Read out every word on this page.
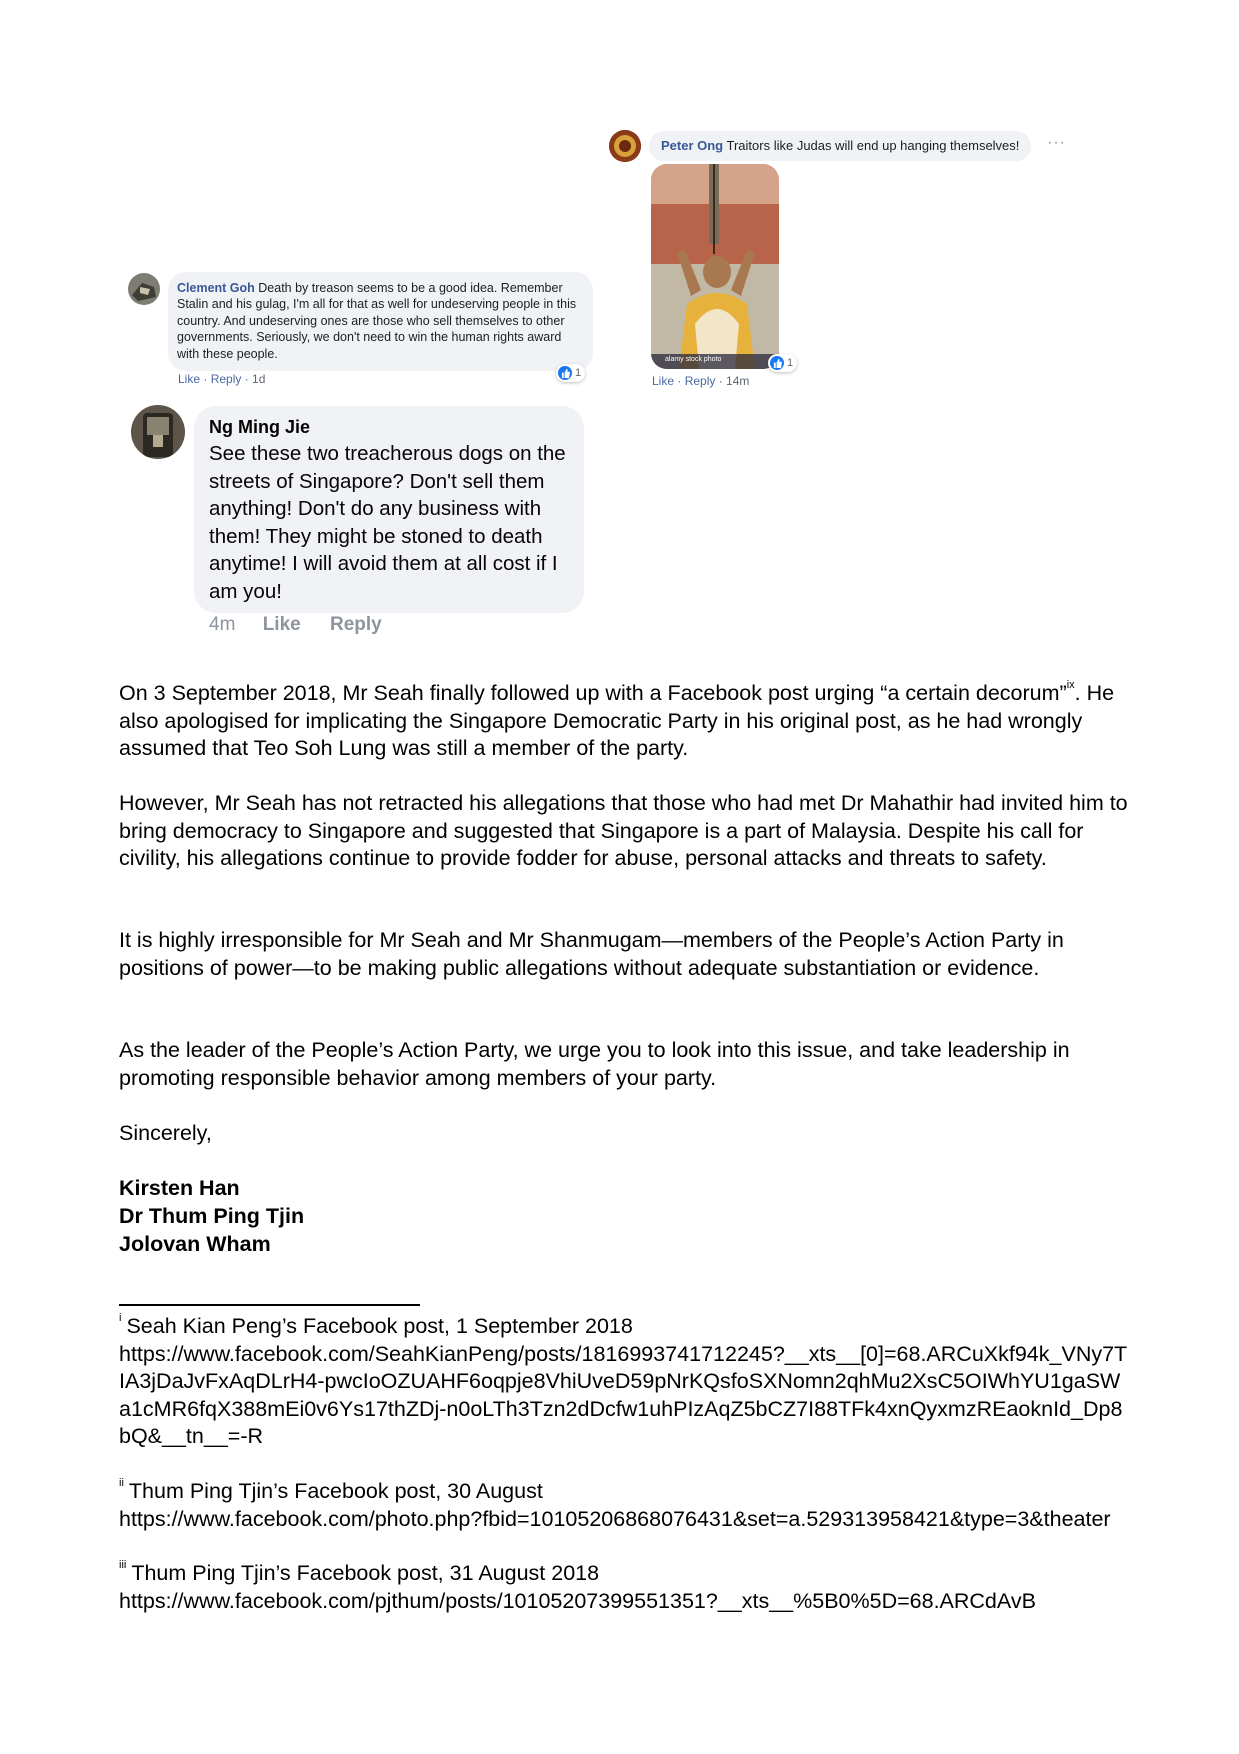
Peter Ong Traitors like Judas will end up hanging themselves!	···
alamy stock photo	1
Like · Reply · 14m
Clement Goh Death by treason seems to be a good idea. Remember Stalin and his gulag, I'm all for that as well for undeserving people in this country. And undeserving ones are those who sell themselves to other governments. Seriously, we don't need to win the human rights award with these people.
1
Like · Reply · 1d
Ng Ming Jie
See these two treacherous dogs on the streets of Singapore? Don't sell them anything! Don't do any business with them! They might be stoned to death anytime! I will avoid them at all cost if I am you!
4m Like Reply
On 3 September 2018, Mr Seah finally followed up with a Facebook post urging “a certain decorum”$^{ix}$. He also apologised for implicating the Singapore Democratic Party in his original post, as he had wrongly assumed that Teo Soh Lung was still a member of the party.
However, Mr Seah has not retracted his allegations that those who had met Dr Mahathir had invited him to bring democracy to Singapore and suggested that Singapore is a part of Malaysia. Despite his call for civility, his allegations continue to provide fodder for abuse, personal attacks and threats to safety.
It is highly irresponsible for Mr Seah and Mr Shanmugam—members of the People’s Action Party in positions of power—to be making public allegations without adequate substantiation or evidence.
As the leader of the People’s Action Party, we urge you to look into this issue, and take leadership in promoting responsible behavior among members of your party.
Sincerely,
Kirsten Han
Dr Thum Ping Tjin
Jolovan Wham
$^i$ Seah Kian Peng’s Facebook post, 1 September 2018
https://www.facebook.com/SeahKianPeng/posts/1816993741712245?__xts__[0]=68.ARCuXkf94k_VNy7TIA3jDaJvFxAqDLrH4-pwcIoOZUAHF6oqpje8VhiUveD59pNrKQsfoSXNomn2qhMu2XsC5OIWhYU1gaSWa1cMR6fqX388mEi0v6Ys17thZDj-n0oLTh3Tzn2dDcfw1uhPIzAqZ5bCZ7I88TFk4xnQyxmzREaoknId_Dp8bQ&__tn__=-R
$^{ii}$ Thum Ping Tjin’s Facebook post, 30 August
https://www.facebook.com/photo.php?fbid=10105206868076431&set=a.529313958421&type=3&theater
$^{iii}$ Thum Ping Tjin’s Facebook post, 31 August 2018
https://www.facebook.com/pjthum/posts/10105207399551351?__xts__%5B0%5D=68.ARCdAvB
